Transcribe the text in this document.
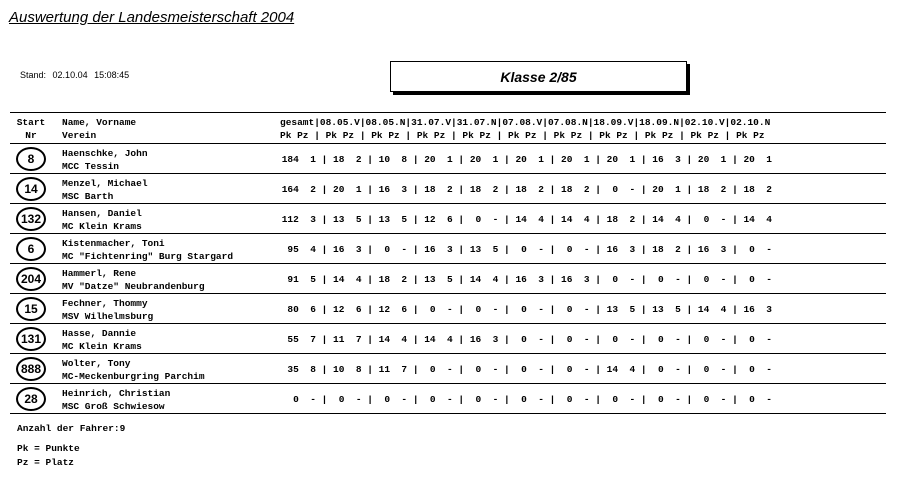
Auswertung der Landesmeisterschaft 2004
Stand: 02.10.04 15:08:45	Klasse 2/85
Start
Nr
Name, Vorname
Verein
gesamt|08.05.V|08.05.N|31.07.V|31.07.N|07.08.V|07.08.N|18.09.V|18.09.N|02.10.V|02.10.N
Pk Pz | Pk Pz | Pk Pz | Pk Pz | Pk Pz | Pk Pz | Pk Pz | Pk Pz | Pk Pz | Pk Pz | Pk Pz
8	Haenschke, John
MCC Tessin
184  1 | 18  2 | 10  8 | 20  1 | 20  1 | 20  1 | 20  1 | 20  1 | 16  3 | 20  1 | 20  1
14	Menzel, Michael
MSC Barth
164  2 | 20  1 | 16  3 | 18  2 | 18  2 | 18  2 | 18  2 |  0  - | 20  1 | 18  2 | 18  2
132	Hansen, Daniel
MC Klein Krams
112  3 | 13  5 | 13  5 | 12  6 |  0  - | 14  4 | 14  4 | 18  2 | 14  4 |  0  - | 14  4
6	Kistenmacher, Toni
MC "Fichtenring" Burg Stargard
95  4 | 16  3 |  0  - | 16  3 | 13  5 |  0  - |  0  - | 16  3 | 18  2 | 16  3 |  0  -
204	Hammerl, Rene
MV "Datze" Neubrandenburg
91  5 | 14  4 | 18  2 | 13  5 | 14  4 | 16  3 | 16  3 |  0  - |  0  - |  0  - |  0  -
15	Fechner, Thommy
MSV Wilhelmsburg
80  6 | 12  6 | 12  6 |  0  - |  0  - |  0  - |  0  - | 13  5 | 13  5 | 14  4 | 16  3
131	Hasse, Dannie
MC Klein Krams
55  7 | 11  7 | 14  4 | 14  4 | 16  3 |  0  - |  0  - |  0  - |  0  - |  0  - |  0  -
888	Wolter, Tony
MC-Meckenburgring Parchim
35  8 | 10  8 | 11  7 |  0  - |  0  - |  0  - |  0  - | 14  4 |  0  - |  0  - |  0  -
28	Heinrich, Christian
MSC Groß Schwiesow
0  - |  0  - |  0  - |  0  - |  0  - |  0  - |  0  - |  0  - |  0  - |  0  - |  0  -
Anzahl der Fahrer:9
Pk = Punkte
Pz = Platz
